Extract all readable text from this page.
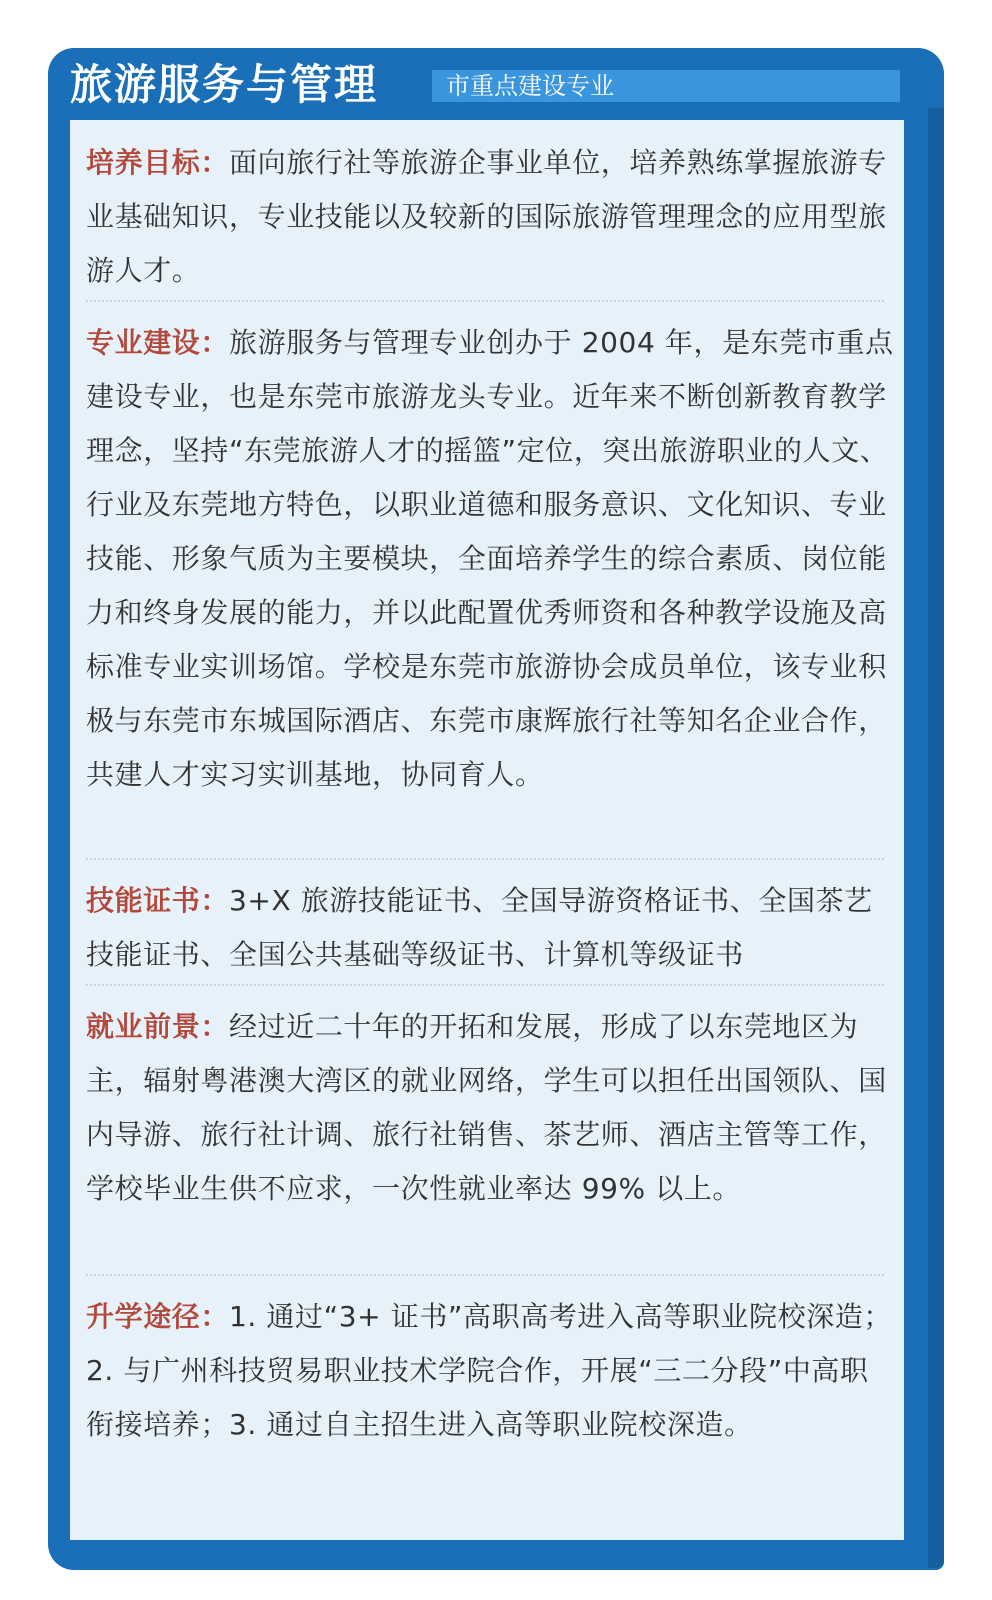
旅游服务与管理	市重点建设专业
培养目标：面向旅行社等旅游企事业单位，培养熟练掌握旅游专业基础知识，专业技能以及较新的国际旅游管理理念的应用型旅游人才。
专业建设：旅游服务与管理专业创办于 2004 年，是东莞市重点建设专业，也是东莞市旅游龙头专业。近年来不断创新教育教学理念，坚持“东莞旅游人才的摇篮”定位，突出旅游职业的人文、行业及东莞地方特色，以职业道德和服务意识、文化知识、专业技能、形象气质为主要模块，全面培养学生的综合素质、岗位能力和终身发展的能力，并以此配置优秀师资和各种教学设施及高标准专业实训场馆。学校是东莞市旅游协会成员单位，该专业积极与东莞市东城国际酒店、东莞市康辉旅行社等知名企业合作，共建人才实习实训基地，协同育人。
技能证书：3+X 旅游技能证书、全国导游资格证书、全国茶艺技能证书、全国公共基础等级证书、计算机等级证书
就业前景：经过近二十年的开拓和发展，形成了以东莞地区为主，辐射粤港澳大湾区的就业网络，学生可以担任出国领队、国内导游、旅行社计调、旅行社销售、茶艺师、酒店主管等工作，学校毕业生供不应求，一次性就业率达 99% 以上。
升学途径：1. 通过“3+ 证书”高职高考进入高等职业院校深造；2. 与广州科技贸易职业技术学院合作，开展“三二分段”中高职衔接培养；3. 通过自主招生进入高等职业院校深造。
